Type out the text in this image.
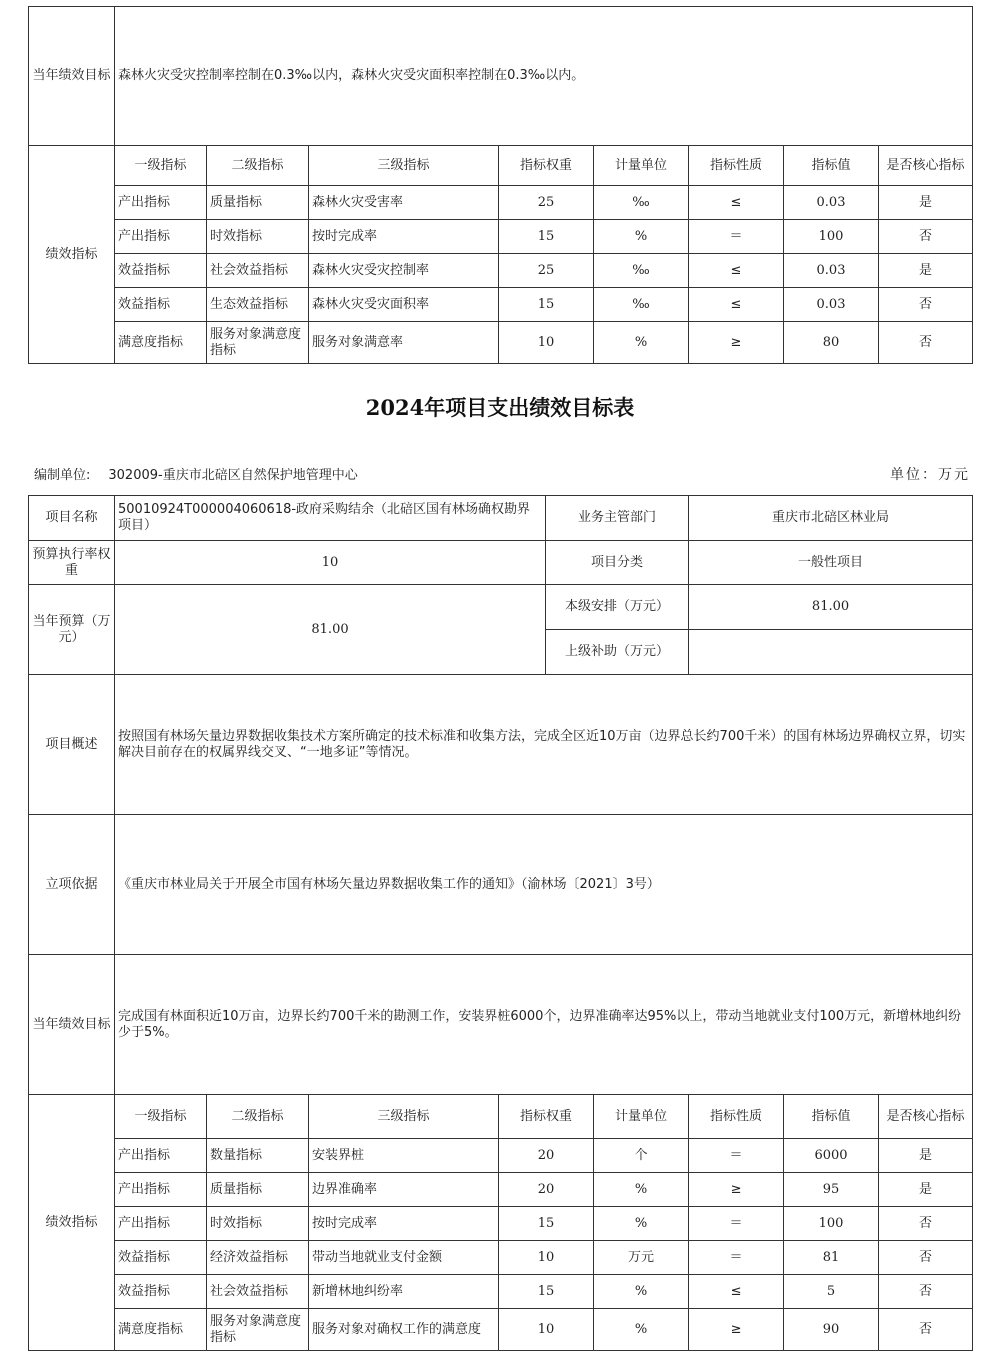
当年绩效目标	森林火灾受灾控制率控制在0.3‰以内，森林火灾受灾面积率控制在0.3‰以内。							
绩效指标	一级指标	二级指标	三级指标	指标权重	计量单位	指标性质	指标值	是否核心指标
	产出指标	质量指标	森林火灾受害率	25	‰	≤	0.03	是
	产出指标	时效指标	按时完成率	15	%	＝	100	否
	效益指标	社会效益指标	森林火灾受灾控制率	25	‰	≤	0.03	是
	效益指标	生态效益指标	森林火灾受灾面积率	15	‰	≤	0.03	否
	满意度指标	服务对象满意度指标	服务对象满意率	10	%	≥	80	否
2024年项目支出绩效目标表
编制单位: 302009-重庆市北碚区自然保护地管理中心	单位：万元
项目名称	50010924T000004060618-政府采购结余（北碚区国有林场确权勘界项目）				业务主管部门		重庆市北碚区林业局		
预算执行率权重	10				项目分类		一般性项目		
当年预算（万元）	81.00				本级安排（万元）		81.00		
					上级补助（万元）				
项目概述	按照国有林场矢量边界数据收集技术方案所确定的技术标准和收集方法，完成全区近10万亩（边界总长约700千米）的国有林场边界确权立界，切实解决目前存在的权属界线交叉、“一地多证”等情况。								
立项依据	《重庆市林业局关于开展全市国有林场矢量边界数据收集工作的通知》（渝林场〔2021〕3号）								
当年绩效目标	完成国有林面积近10万亩，边界长约700千米的勘测工作，安装界桩6000个，边界准确率达95%以上，带动当地就业支付100万元，新增林地纠纷少于5%。								
绩效指标	一级指标	二级指标	三级指标	指标权重		计量单位	指标性质	指标值	是否核心指标
	产出指标	数量指标	安装界桩	20		个	＝	6000	是
	产出指标	质量指标	边界准确率	20		%	≥	95	是
	产出指标	时效指标	按时完成率	15		%	＝	100	否
	效益指标	经济效益指标	带动当地就业支付金额	10		万元	＝	81	否
	效益指标	社会效益指标	新增林地纠纷率	15		%	≤	5	否
	满意度指标	服务对象满意度指标	服务对象对确权工作的满意度	10		%	≥	90	否
